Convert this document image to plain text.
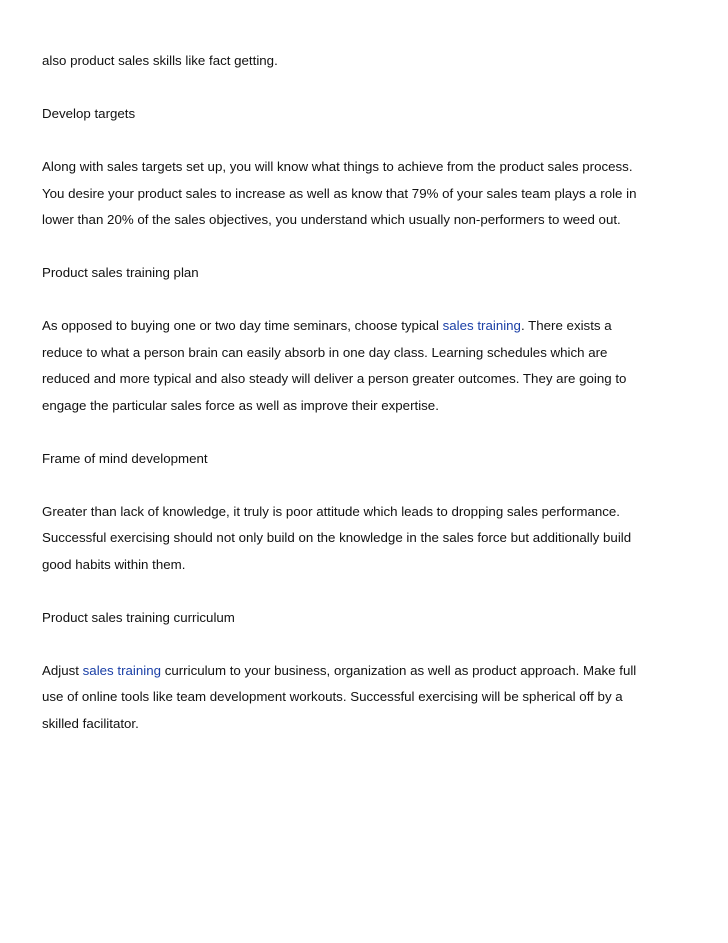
also product sales skills like fact getting.

Develop targets

Along with sales targets set up, you will know what things to achieve from the product sales process.
You desire your product sales to increase as well as know that 79% of your sales team plays a role in
lower than 20% of the sales objectives, you understand which usually non-performers to weed out.

Product sales training plan

As opposed to buying one or two day time seminars, choose typical sales training. There exists a
reduce to what a person brain can easily absorb in one day class. Learning schedules which are
reduced and more typical and also steady will deliver a person greater outcomes. They are going to
engage the particular sales force as well as improve their expertise.

Frame of mind development

Greater than lack of knowledge, it truly is poor attitude which leads to dropping sales performance.
Successful exercising should not only build on the knowledge in the sales force but additionally build
good habits within them.

Product sales training curriculum

Adjust sales training curriculum to your business, organization as well as product approach. Make full
use of online tools like team development workouts. Successful exercising will be spherical off by a
skilled facilitator.
